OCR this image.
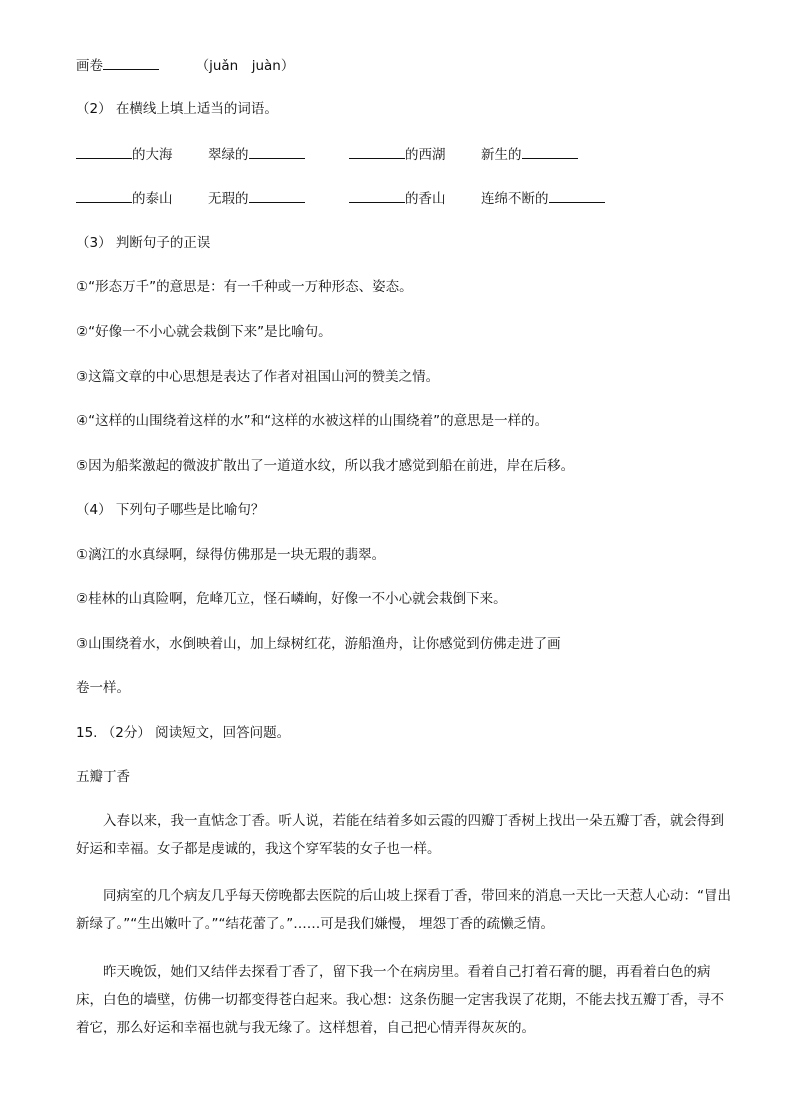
画卷	（juǎn　juàn）
（2） 在横线上填上适当的词语。
的大海	翠绿的	的西湖	新生的
的泰山	无瑕的	的香山	连绵不断的
（3） 判断句子的正误
①“形态万千”的意思是：有一千种或一万种形态、姿态。
②“好像一不小心就会栽倒下来”是比喻句。
③这篇文章的中心思想是表达了作者对祖国山河的赞美之情。
④“这样的山围绕着这样的水”和“这样的水被这样的山围绕着”的意思是一样的。
⑤因为船桨激起的微波扩散出了一道道水纹，所以我才感觉到船在前进，岸在后移。
（4） 下列句子哪些是比喻句？
①漓江的水真绿啊，绿得仿佛那是一块无瑕的翡翠。
②桂林的山真险啊，危峰兀立，怪石嶙峋，好像一不小心就会栽倒下来。
③山围绕着水，水倒映着山，加上绿树红花，游船渔舟，让你感觉到仿佛走进了画
卷一样。
15. （2分） 阅读短文，回答问题。
五瓣丁香
入春以来，我一直惦念丁香。听人说，若能在结着多如云霞的四瓣丁香树上找出一朵五瓣丁香，就会得到好运和幸福。女子都是虔诚的，我这个穿军装的女子也一样。
同病室的几个病友几乎每天傍晚都去医院的后山坡上探看丁香，带回来的消息一天比一天惹人心动：“冒出新绿了。”“生出嫩叶了。”“结花蕾了。”……可是我们嫌慢， 埋怨丁香的疏懒乏情。
昨天晚饭，她们又结伴去探看丁香了，留下我一个在病房里。看着自己打着石膏的腿，再看着白色的病床，白色的墙壁，仿佛一切都变得苍白起来。我心想：这条伤腿一定害我误了花期，不能去找五瓣丁香，寻不着它，那么好运和幸福也就与我无缘了。这样想着，自己把心情弄得灰灰的。
